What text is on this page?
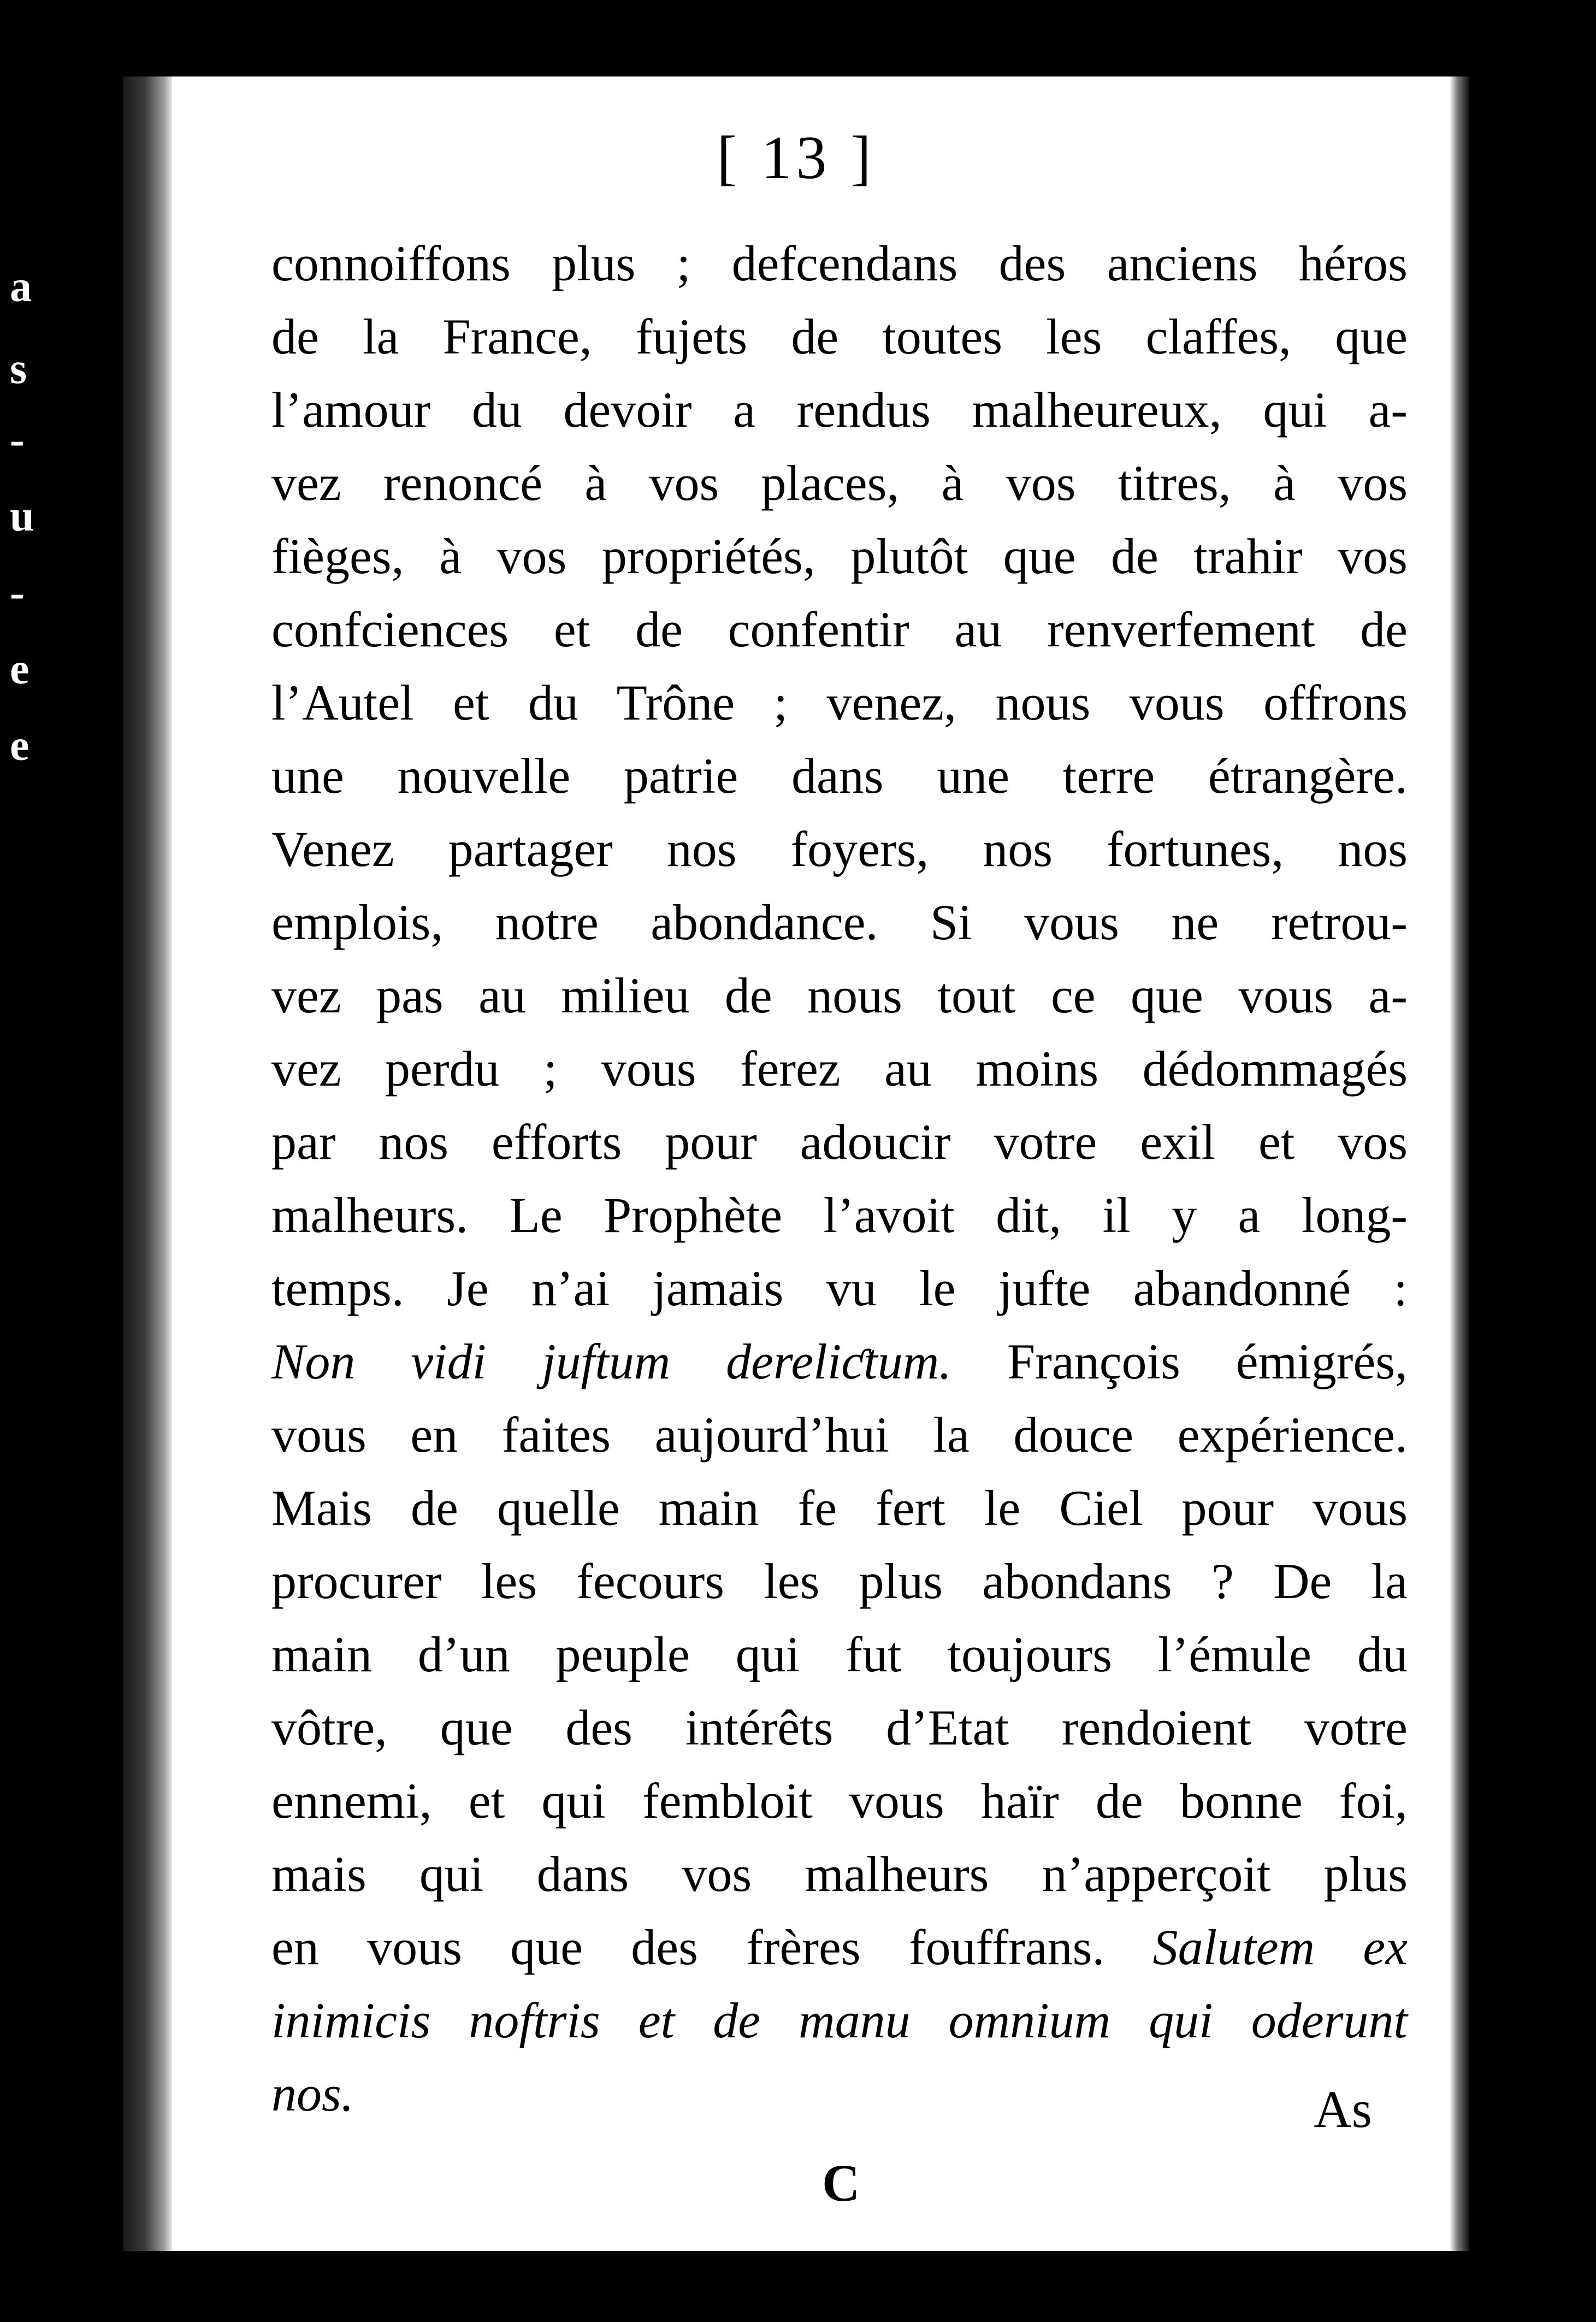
a
s
-
u
-
e
e
[ 13 ]
connoiffons plus ; defcendans des anciens héros
de la France, fujets de toutes les claffes, que
l’amour du devoir a rendus malheureux, qui a-
vez renoncé à vos places, à vos titres, à vos
fièges, à vos propriétés, plutôt que de trahir vos
confciences et de confentir au renverfement de
l’Autel et du Trône ; venez, nous vous offrons
une nouvelle patrie dans une terre étrangère.
Venez partager nos foyers, nos fortunes, nos
emplois, notre abondance. Si vous ne retrou-
vez pas au milieu de nous tout ce que vous a-
vez perdu ; vous ferez au moins dédommagés
par nos efforts pour adoucir votre exil et vos
malheurs. Le Prophète l’avoit dit, il y a long-
temps. Je n’ai jamais vu le jufte abandonné :
Non vidi juftum dereliƈtum. François émigrés,
vous en faites aujourd’hui la douce expérience.
Mais de quelle main fe fert le Ciel pour vous
procurer les fecours les plus abondans ? De la
main d’un peuple qui fut toujours l’émule du
vôtre, que des intérêts d’Etat rendoient votre
ennemi, et qui fembloit vous haïr de bonne foi,
mais qui dans vos malheurs n’apperçoit plus
en vous que des frères fouffrans. Salutem ex
inimicis noftris et de manu omnium qui oderunt
nos.	As
C
